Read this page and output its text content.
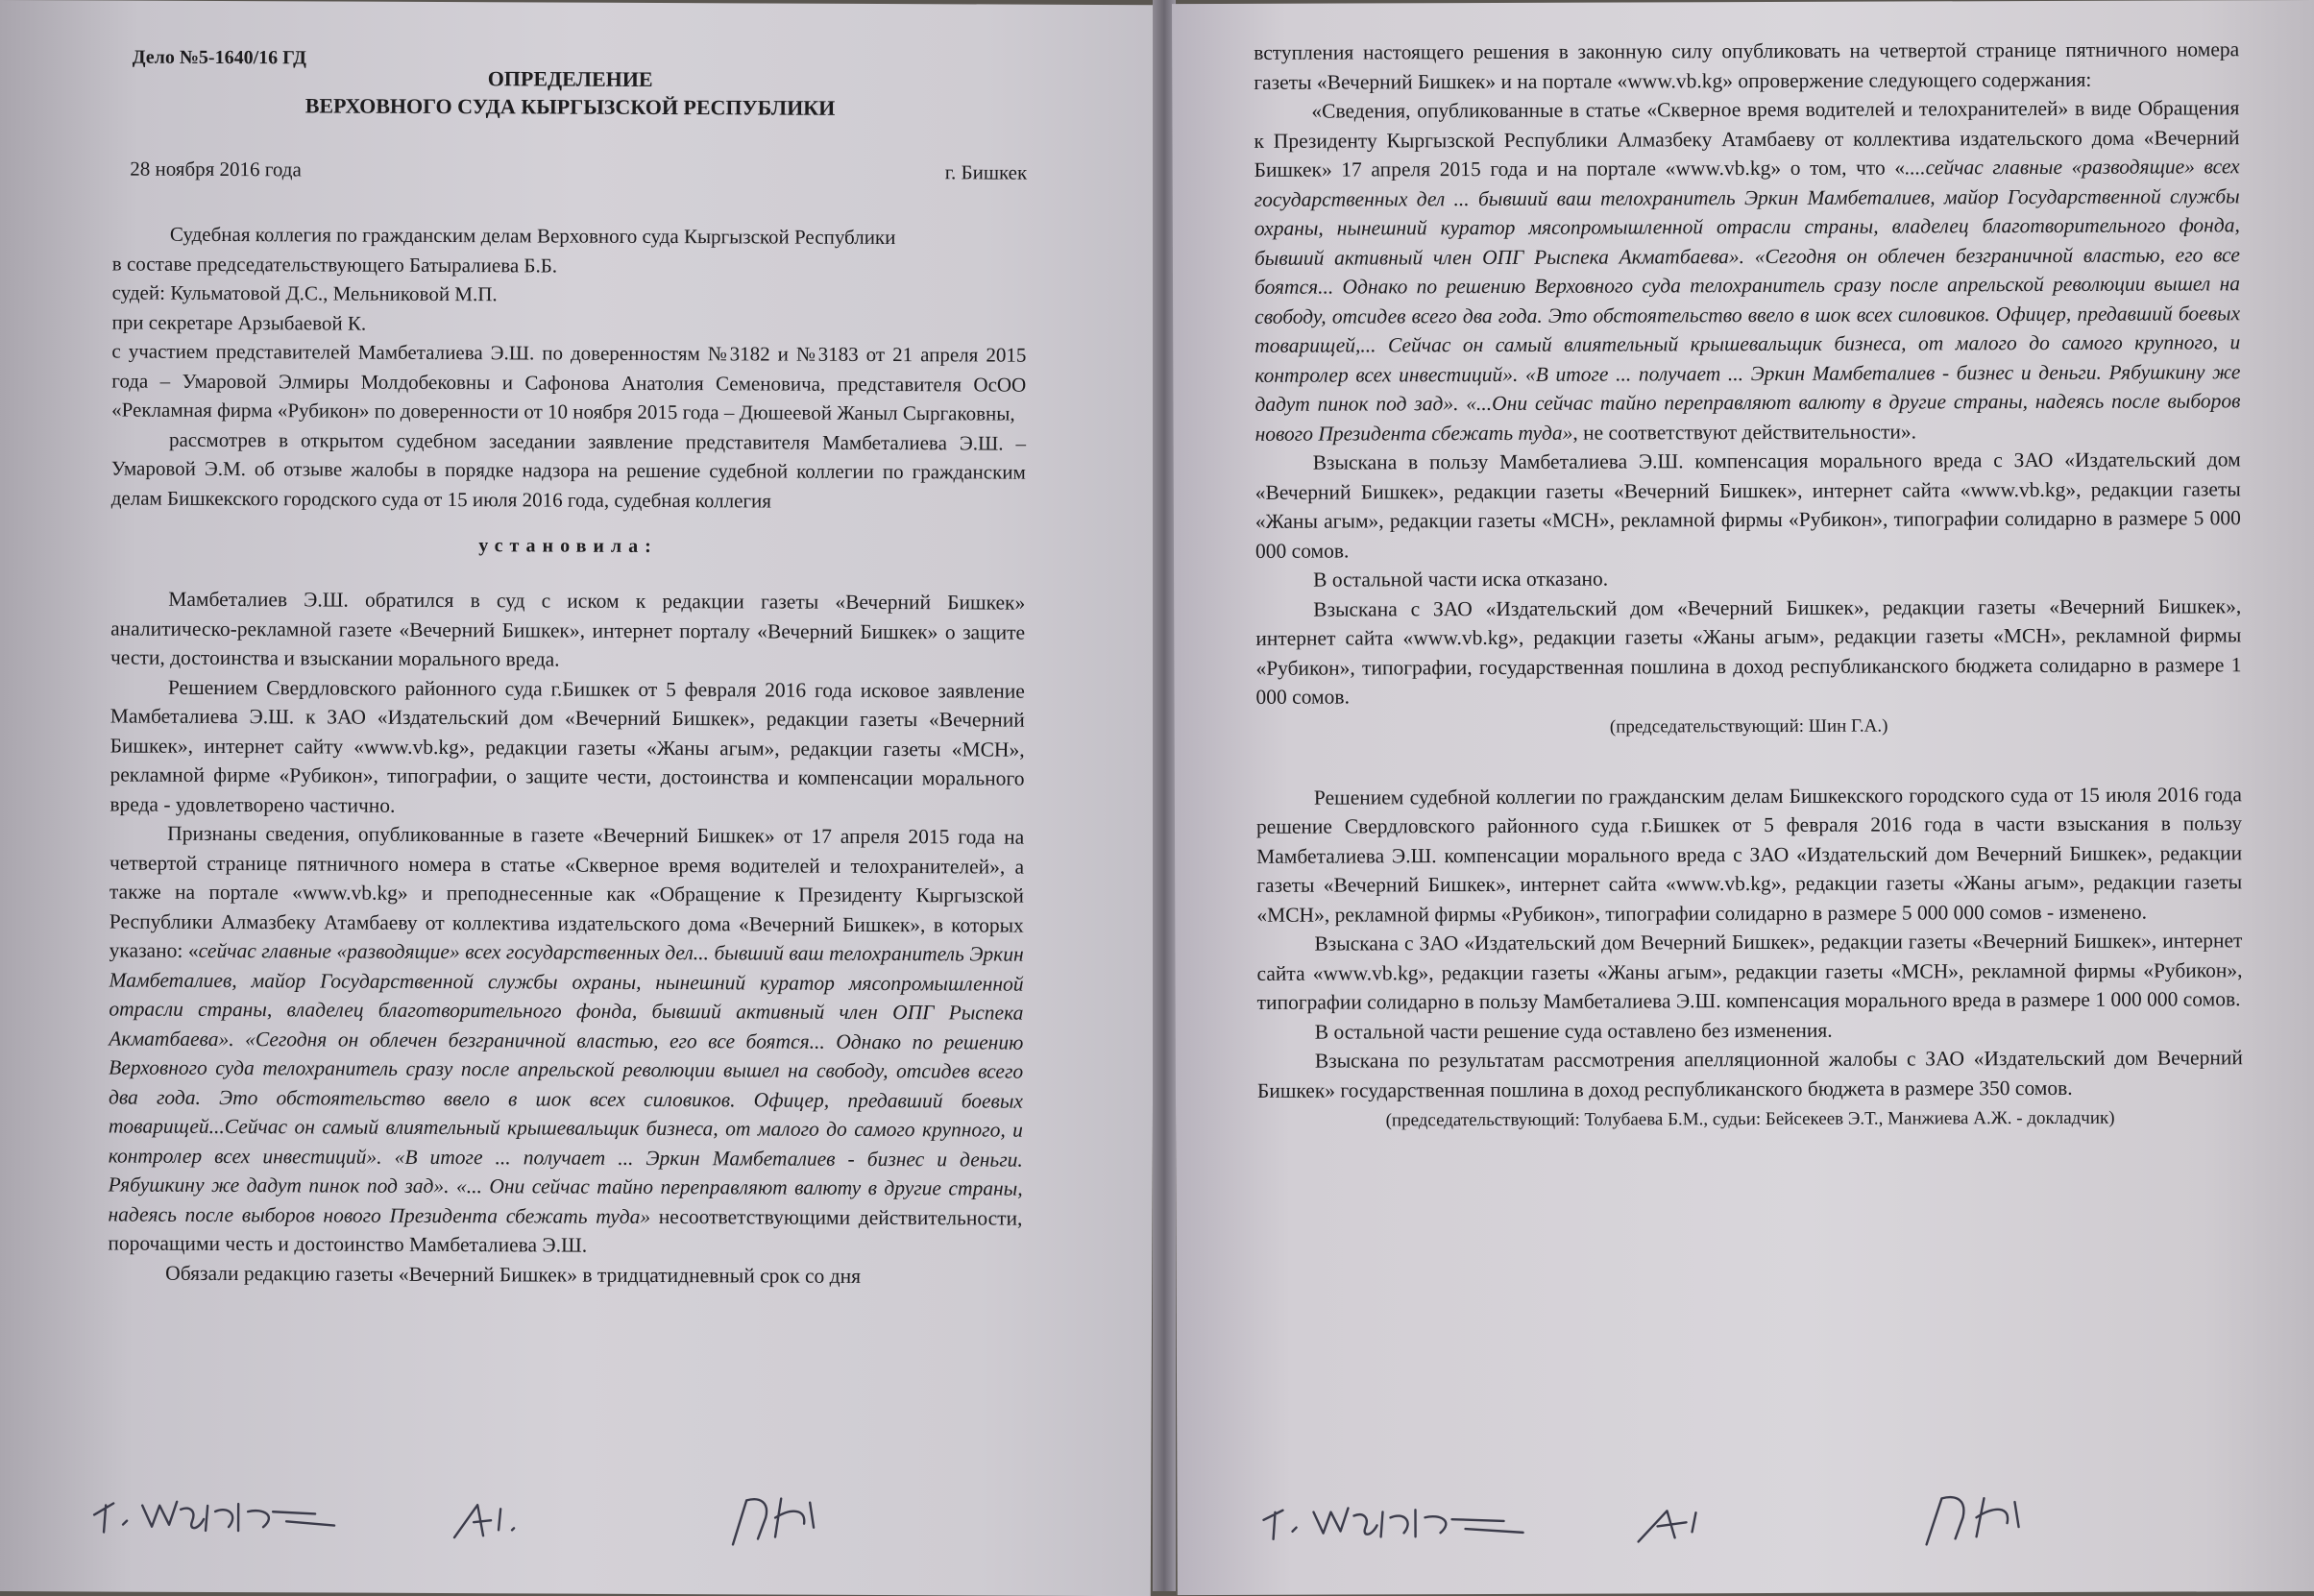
Дело №5-1640/16 ГД
ОПРЕДЕЛЕНИЕ
ВЕРХОВНОГО СУДА КЫРГЫЗСКОЙ РЕСПУБЛИКИ
28 ноября 2016 года	г. Бишкек

Судебная коллегия по гражданским делам Верховного суда Кыргызской Республики

в составе председательствующего Батыралиева Б.Б.

судей: Кульматовой Д.С., Мельниковой М.П.

при секретаре Арзыбаевой К.

с участием представителей Мамбеталиева Э.Ш. по доверенностям №3182 и №3183 от 21 апреля 2015 года – Умаровой Элмиры Молдобековны и Сафонова Анатолия Семеновича, представителя ОсОО «Рекламная фирма «Рубикон» по доверенности от 10 ноября 2015 года – Дюшеевой Жаныл Сыргаковны,

рассмотрев в открытом судебном заседании заявление представителя Мамбеталиева Э.Ш. – Умаровой Э.М. об отзыве жалобы в порядке надзора на решение судебной коллегии по гражданским делам Бишкекского городского суда от 15 июля 2016 года, судебная коллегия

установила:

Мамбеталиев Э.Ш. обратился в суд с иском к редакции газеты «Вечерний Бишкек» аналитическо-рекламной газете «Вечерний Бишкек», интернет порталу «Вечерний Бишкек» о защите чести, достоинства и взыскании морального вреда.

Решением Свердловского районного суда г.Бишкек от 5 февраля 2016 года исковое заявление Мамбеталиева Э.Ш. к ЗАО «Издательский дом «Вечерний Бишкек», редакции газеты «Вечерний Бишкек», интернет сайту «www.vb.kg», редакции газеты «Жаны агым», редакции газеты «МСН», рекламной фирме «Рубикон», типографии, о защите чести, достоинства и компенсации морального вреда - удовлетворено частично.

Признаны сведения, опубликованные в газете «Вечерний Бишкек» от 17 апреля 2015 года на четвертой странице пятничного номера в статье «Скверное время водителей и телохранителей», а также на портале «www.vb.kg» и преподнесенные как «Обращение к Президенту Кыргызской Республики Алмазбеку Атамбаеву от коллектива издательского дома «Вечерний Бишкек», в которых указано: «сейчас главные «разводящие» всех государственных дел... бывший ваш телохранитель Эркин Мамбеталиев, майор Государственной службы охраны, нынешний куратор мясопромышленной отрасли страны, владелец благотворительного фонда, бывший активный член ОПГ Рыспека Акматбаева». «Сегодня он облечен безграничной властью, его все боятся... Однако по решению Верховного суда телохранитель сразу после апрельской революции вышел на свободу, отсидев всего два года. Это обстоятельство ввело в шок всех силовиков. Офицер, предавший боевых товарищей...Сейчас он самый влиятельный крышевальщик бизнеса, от малого до самого крупного, и контролер всех инвестиций». «В итоге ... получает ... Эркин Мамбеталиев - бизнес и деньги. Рябушкину же дадут пинок под зад». «... Они сейчас тайно переправляют валюту в другие страны, надеясь после выборов нового Президента сбежать туда» несоответствующими действительности, порочащими честь и достоинство Мамбеталиева Э.Ш.

Обязали редакцию газеты «Вечерний Бишкек» в тридцатидневный срок со дня

вступления настоящего решения в законную силу опубликовать на четвертой странице пятничного номера газеты «Вечерний Бишкек» и на портале «www.vb.kg» опровержение следующего содержания:

«Сведения, опубликованные в статье «Скверное время водителей и телохранителей» в виде Обращения к Президенту Кыргызской Республики Алмазбеку Атамбаеву от коллектива издательского дома «Вечерний Бишкек» 17 апреля 2015 года и на портале «www.vb.kg» о том, что «....сейчас главные «разводящие» всех государственных дел ... бывший ваш телохранитель Эркин Мамбеталиев, майор Государственной службы охраны, нынешний куратор мясопромышленной отрасли страны, владелец благотворительного фонда, бывший активный член ОПГ Рыспека Акматбаева». «Сегодня он облечен безграничной властью, его все боятся... Однако по решению Верховного суда телохранитель сразу после апрельской революции вышел на свободу, отсидев всего два года. Это обстоятельство ввело в шок всех силовиков. Офицер, предавший боевых товарищей,... Сейчас он самый влиятельный крышевальщик бизнеса, от малого до самого крупного, и контролер всех инвестиций». «В итоге ... получает ... Эркин Мамбеталиев - бизнес и деньги. Рябушкину же дадут пинок под зад». «...Они сейчас тайно переправляют валюту в другие страны, надеясь после выборов нового Президента сбежать туда», не соответствуют действительности».

Взыскана в пользу Мамбеталиева Э.Ш. компенсация морального вреда с ЗАО «Издательский дом «Вечерний Бишкек», редакции газеты «Вечерний Бишкек», интернет сайта «www.vb.kg», редакции газеты «Жаны агым», редакции газеты «МСН», рекламной фирмы «Рубикон», типографии солидарно в размере 5 000 000 сомов.

В остальной части иска отказано.

Взыскана с ЗАО «Издательский дом «Вечерний Бишкек», редакции газеты «Вечерний Бишкек», интернет сайта «www.vb.kg», редакции газеты «Жаны агым», редакции газеты «МСН», рекламной фирмы «Рубикон», типографии, государственная пошлина в доход республиканского бюджета солидарно в размере 1 000 сомов.

(председательствующий: Шин Г.А.)

Решением судебной коллегии по гражданским делам Бишкекского городского суда от 15 июля 2016 года решение Свердловского районного суда г.Бишкек от 5 февраля 2016 года в части взыскания в пользу Мамбеталиева Э.Ш. компенсации морального вреда с ЗАО «Издательский дом Вечерний Бишкек», редакции газеты «Вечерний Бишкек», интернет сайта «www.vb.kg», редакции газеты «Жаны агым», редакции газеты «МСН», рекламной фирмы «Рубикон», типографии солидарно в размере 5 000 000 сомов - изменено.

Взыскана с ЗАО «Издательский дом Вечерний Бишкек», редакции газеты «Вечерний Бишкек», интернет сайта «www.vb.kg», редакции газеты «Жаны агым», редакции газеты «МСН», рекламной фирмы «Рубикон», типографии солидарно в пользу Мамбеталиева Э.Ш. компенсация морального вреда в размере 1 000 000 сомов.

В остальной части решение суда оставлено без изменения.

Взыскана по результатам рассмотрения апелляционной жалобы с ЗАО «Издательский дом Вечерний Бишкек» государственная пошлина в доход республиканского бюджета в размере 350 сомов.

(председательствующий: Толубаева Б.М., судьи: Бейсекеев Э.Т., Манжиева А.Ж. - докладчик)
